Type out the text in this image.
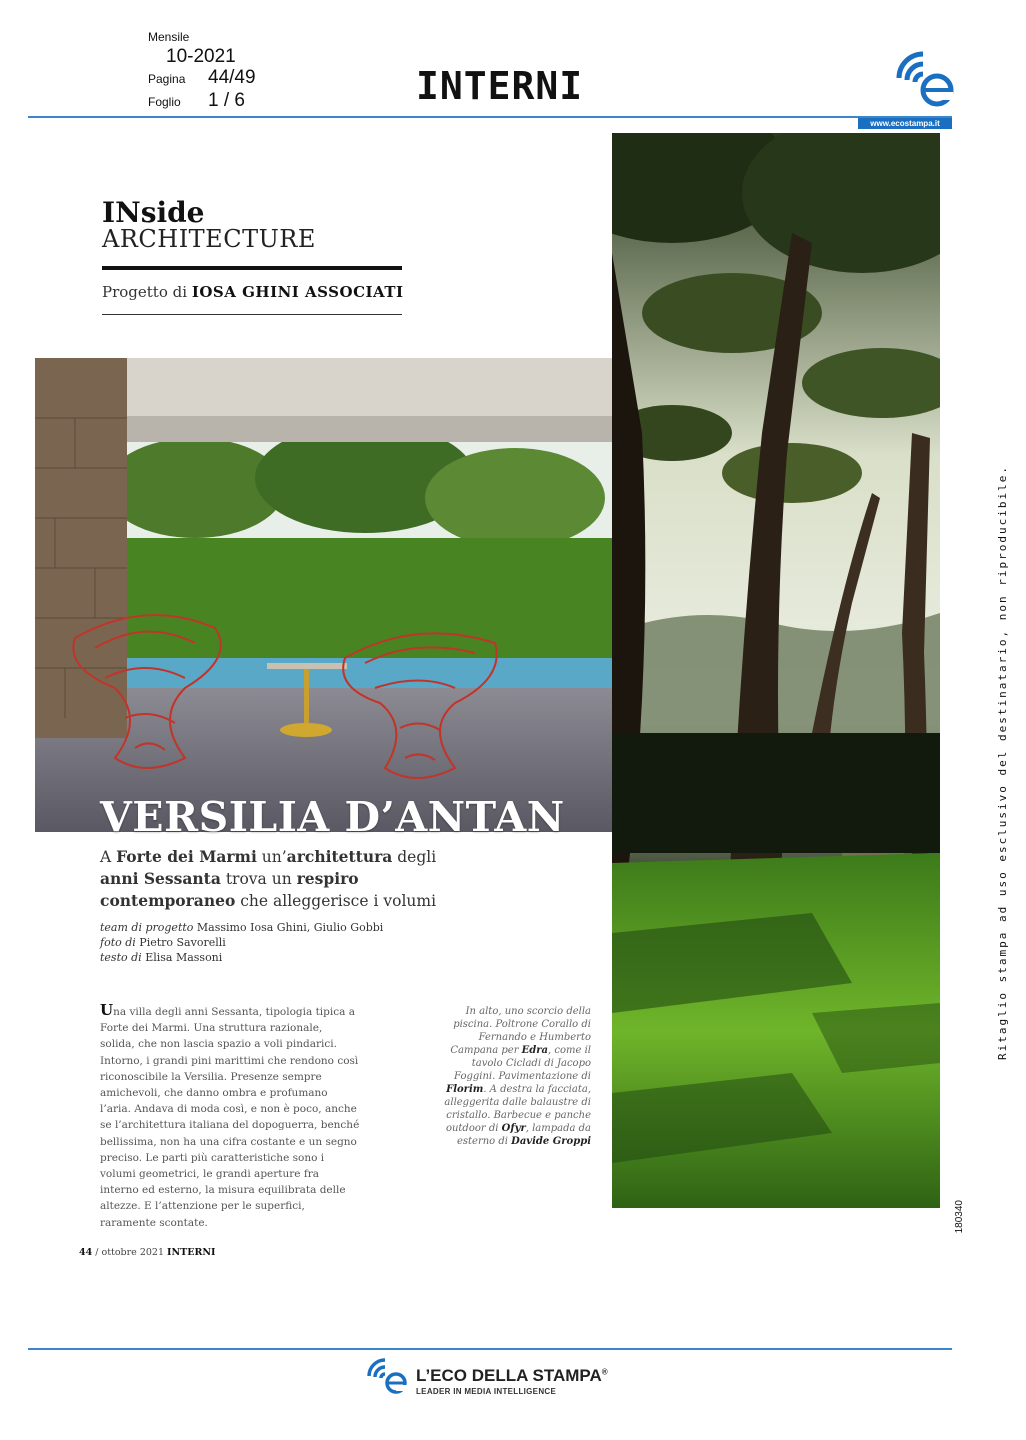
Mensile
10-2021
Pagina 44/49
Foglio 1 / 6	INTERNI
www.ecostampa.it
INside
ARCHITECTURE
Progetto di IOSA GHINI ASSOCIATI
VERSILIA D’ANTAN
A Forte dei Marmi un’architettura degli anni Sessanta trova un respiro contemporaneo che alleggerisce i volumi
team di progetto Massimo Iosa Ghini, Giulio Gobbi
foto di Pietro Savorelli
testo di Elisa Massoni
Una villa degli anni Sessanta, tipologia tipica a Forte dei Marmi. Una struttura razionale, solida, che non lascia spazio a voli pindarici. Intorno, i grandi pini marittimi che rendono così riconoscibile la Versilia. Presenze sempre amichevoli, che danno ombra e profumano l’aria. Andava di moda così, e non è poco, anche se l’architettura italiana del dopoguerra, benché bellissima, non ha una cifra costante e un segno preciso. Le parti più caratteristiche sono i volumi geometrici, le grandi aperture fra interno ed esterno, la misura equilibrata delle altezze. E l’attenzione per le superfici, raramente scontate.
In alto, uno scorcio della piscina. Poltrone Corallo di Fernando e Humberto Campana per Edra, come il tavolo Cicladi di Jacopo Foggini. Pavimentazione di Florim. A destra la facciata, alleggerita dalle balaustre di cristallo. Barbecue e panche outdoor di Ofyr, lampada da esterno di Davide Groppi
44 / ottobre 2021 INTERNI
Ritaglio stampa ad uso esclusivo del destinatario, non riproducibile.
180340
L’ECO DELLA STAMPA®
LEADER IN MEDIA INTELLIGENCE
